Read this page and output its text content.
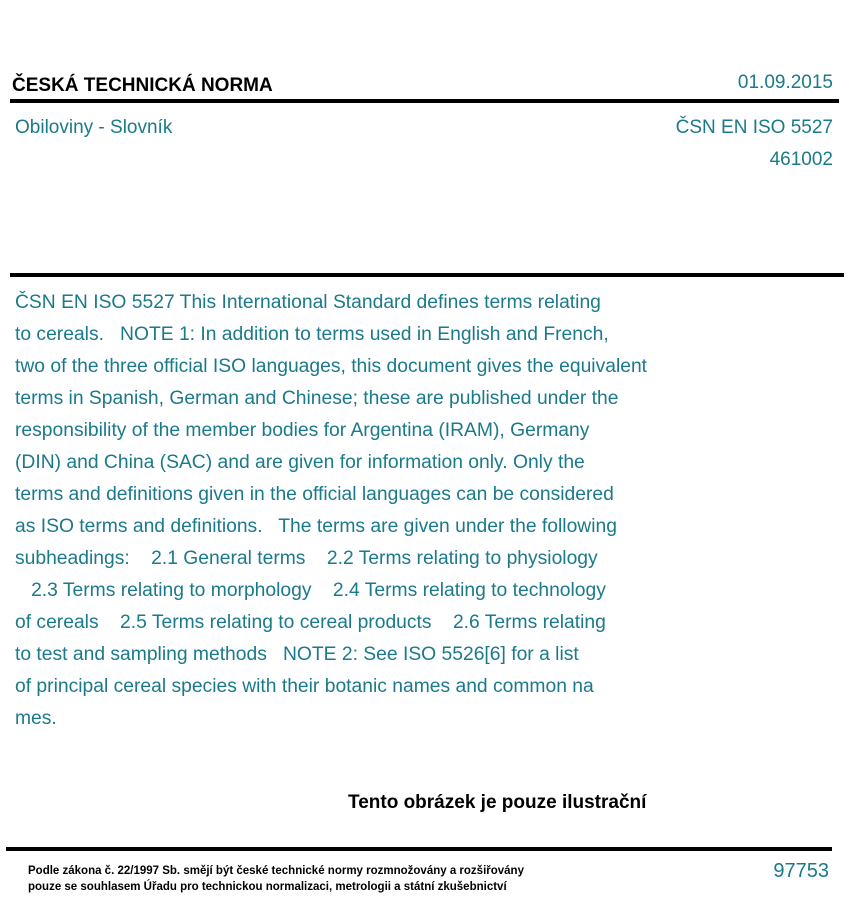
ČESKÁ TECHNICKÁ NORMA	01.09.2015
Obiloviny - Slovník	ČSN EN ISO 5527
461002
ČSN EN ISO 5527 This International Standard defines terms relating
to cereals.   NOTE 1: In addition to terms used in English and French,
two of the three official ISO languages, this document gives the equivalent
terms in Spanish, German and Chinese; these are published under the
responsibility of the member bodies for Argentina (IRAM), Germany
(DIN) and China (SAC) and are given for information only. Only the
terms and definitions given in the official languages can be considered
as ISO terms and definitions.   The terms are given under the following
subheadings:    2.1 General terms    2.2 Terms relating to physiology
2.3 Terms relating to morphology    2.4 Terms relating to technology
of cereals    2.5 Terms relating to cereal products    2.6 Terms relating
to test and sampling methods   NOTE 2: See ISO 5526[6] for a list
of principal cereal species with their botanic names and common na
mes.
Tento obrázek je pouze ilustrační
Podle zákona č. 22/1997 Sb. smějí být české technické normy rozmnožovány a rozšiřovány
pouze se souhlasem Úřadu pro technickou normalizaci, metrologii a státní zkušebnictví
97753
